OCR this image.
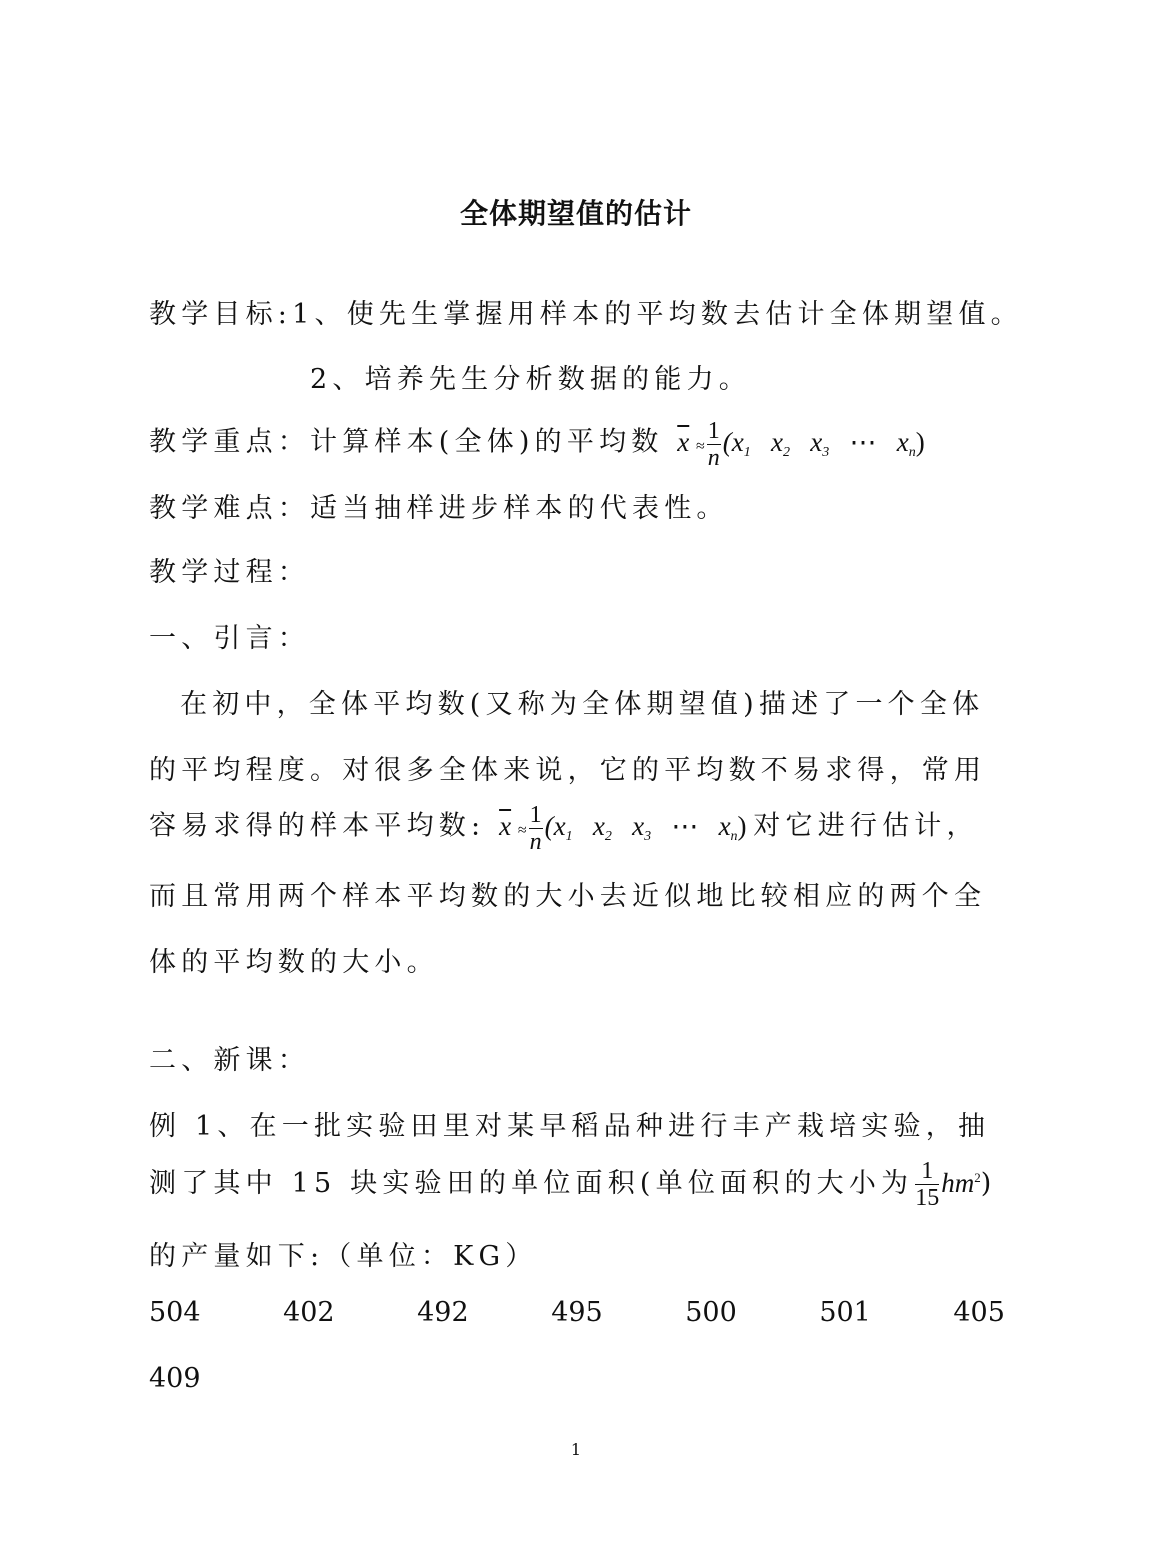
全体期望值的估计
教学目标:1、使先生掌握用样本的平均数去估计全体期望值。
2、培养先生分析数据的能力。
教学重点：计算样本(全体)的平均数 $\overline{x} \approx \frac{1}{n} (x_1$ $x_2$ $x_3$ ⋯ $x_n$)
教学难点：适当抽样进步样本的代表性。
教学过程：
一、引言：
在初中，全体平均数(又称为全体期望值)描述了一个全体
的平均程度。对很多全体来说，它的平均数不易求得，常用
容易求得的样本平均数: $\overline{x} \approx \frac{1}{n} (x_1$ $x_2$ $x_3$ ⋯ $x_n$) 对它进行估计，
而且常用两个样本平均数的大小去近似地比较相应的两个全
体的平均数的大小。
二、新课：
例 1、在一批实验田里对某早稻品种进行丰产栽培实验，抽
测了其中 15 块实验田的单位面积(单位面积的大小为 $\frac{1}{15} hm^2$)
的产量如下:（单位：KG）
504	402	492	495	500	501	405
409
1
